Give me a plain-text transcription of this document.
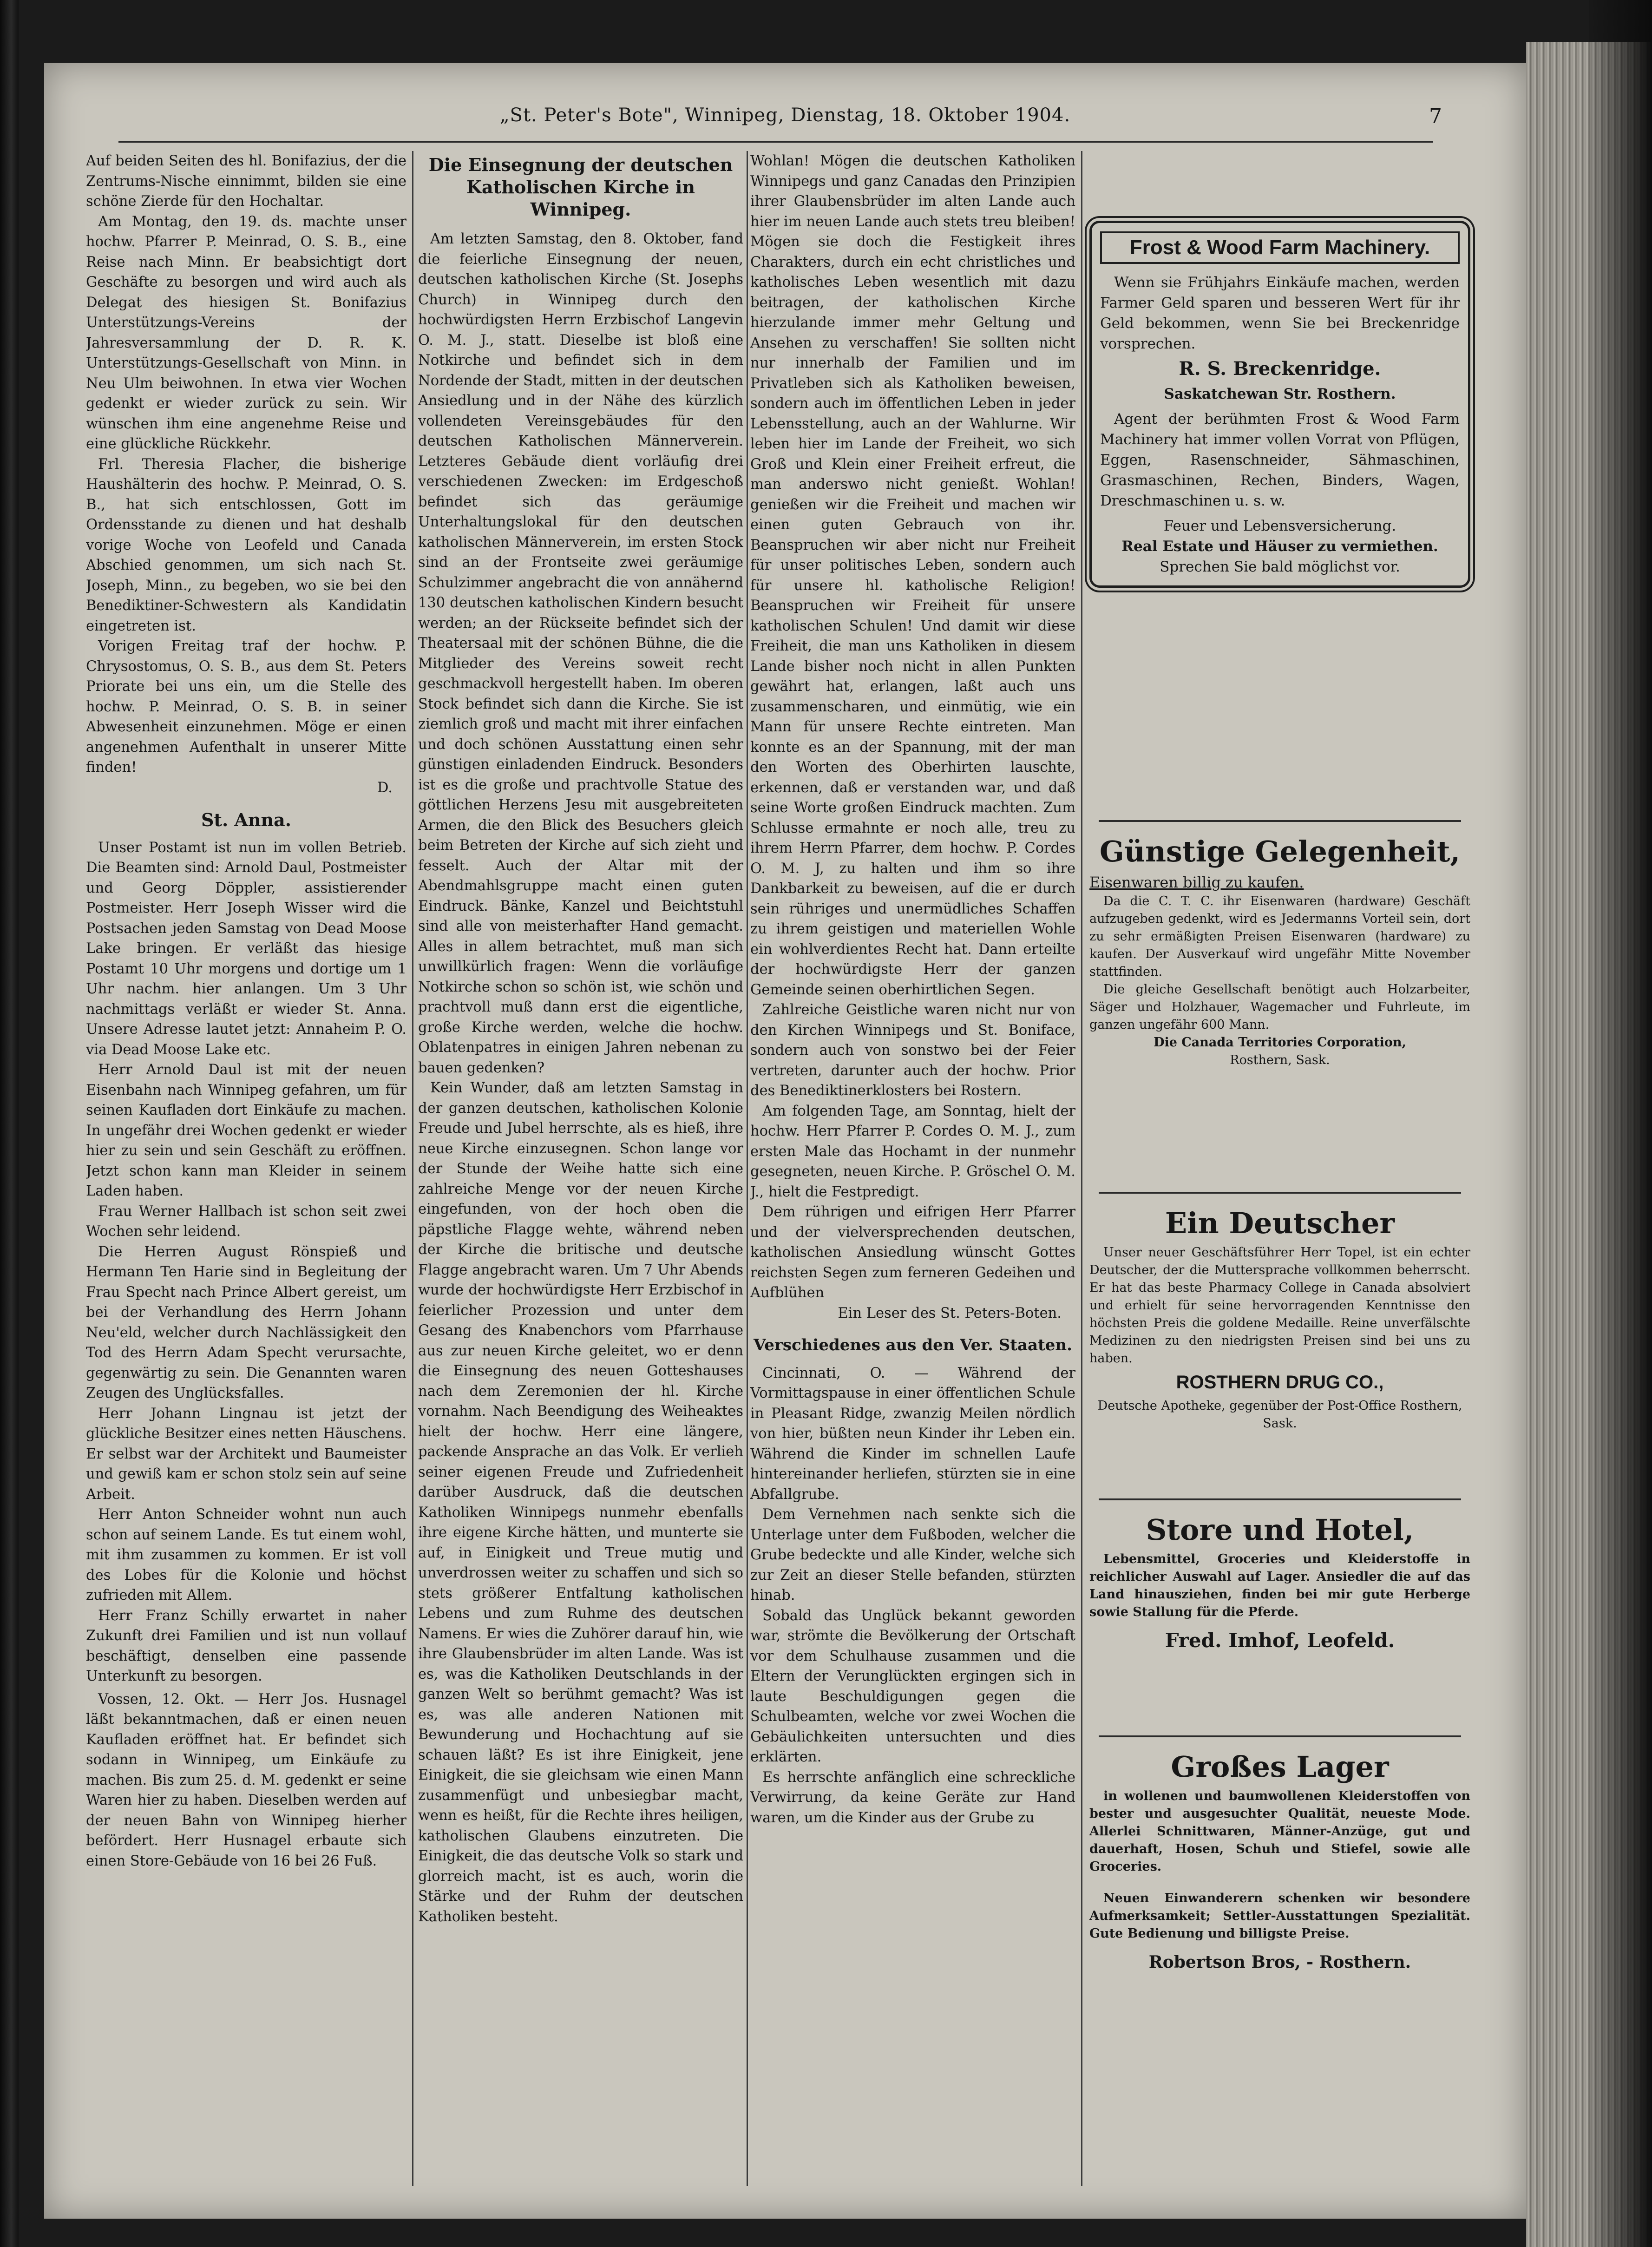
„St. Peter's Bote", Winnipeg, Dienstag, 18. Oktober 1904.	7

Auf beiden Seiten des hl. Bonifazius, der die Zentrums-Nische einnimmt, bilden sie eine schöne Zierde für den Hochaltar.

Am Montag, den 19. ds. machte unser hochw. Pfarrer P. Meinrad, O. S. B., eine Reise nach Minn. Er beabsichtigt dort Geschäfte zu besorgen und wird auch als Delegat des hiesigen St. Bonifazius Unterstützungs-Vereins der Jahresversammlung der D. R. K. Unterstützungs-Gesellschaft von Minn. in Neu Ulm beiwohnen. In etwa vier Wochen gedenkt er wieder zurück zu sein. Wir wünschen ihm eine angenehme Reise und eine glückliche Rückkehr.

Frl. Theresia Flacher, die bisherige Haushälterin des hochw. P. Meinrad, O. S. B., hat sich entschlossen, Gott im Ordensstande zu dienen und hat deshalb vorige Woche von Leofeld und Canada Abschied genommen, um sich nach St. Joseph, Minn., zu begeben, wo sie bei den Benediktiner-Schwestern als Kandidatin eingetreten ist.

Vorigen Freitag traf der hochw. P. Chrysostomus, O. S. B., aus dem St. Peters Priorate bei uns ein, um die Stelle des hochw. P. Meinrad, O. S. B. in seiner Abwesenheit einzunehmen. Möge er einen angenehmen Aufenthalt in unserer Mitte finden!

D.

St. Anna.

Unser Postamt ist nun im vollen Betrieb. Die Beamten sind: Arnold Daul, Postmeister und Georg Döppler, assistierender Postmeister. Herr Joseph Wisser wird die Postsachen jeden Samstag von Dead Moose Lake bringen. Er verläßt das hiesige Postamt 10 Uhr morgens und dortige um 1 Uhr nachm. hier anlangen. Um 3 Uhr nachmittags verläßt er wieder St. Anna. Unsere Adresse lautet jetzt: Annaheim P. O. via Dead Moose Lake etc.

Herr Arnold Daul ist mit der neuen Eisenbahn nach Winnipeg gefahren, um für seinen Kaufladen dort Einkäufe zu machen. In ungefähr drei Wochen gedenkt er wieder hier zu sein und sein Geschäft zu eröffnen. Jetzt schon kann man Kleider in seinem Laden haben.

Frau Werner Hallbach ist schon seit zwei Wochen sehr leidend.

Die Herren August Rönspieß und Hermann Ten Harie sind in Begleitung der Frau Specht nach Prince Albert gereist, um bei der Verhandlung des Herrn Johann Neu'eld, welcher durch Nachlässigkeit den Tod des Herrn Adam Specht verursachte, gegenwärtig zu sein. Die Genannten waren Zeugen des Unglücksfalles.

Herr Johann Lingnau ist jetzt der glückliche Besitzer eines netten Häuschens. Er selbst war der Architekt und Baumeister und gewiß kam er schon stolz sein auf seine Arbeit.

Herr Anton Schneider wohnt nun auch schon auf seinem Lande. Es tut einem wohl, mit ihm zusammen zu kommen. Er ist voll des Lobes für die Kolonie und höchst zufrieden mit Allem.

Herr Franz Schilly erwartet in naher Zukunft drei Familien und ist nun vollauf beschäftigt, denselben eine passende Unterkunft zu besorgen.

Vossen, 12. Okt. — Herr Jos. Husnagel läßt bekanntmachen, daß er einen neuen Kaufladen eröffnet hat. Er befindet sich sodann in Winnipeg, um Einkäufe zu machen. Bis zum 25. d. M. gedenkt er seine Waren hier zu haben. Dieselben werden auf der neuen Bahn von Winnipeg hierher befördert. Herr Husnagel erbaute sich einen Store-Gebäude von 16 bei 26 Fuß.

Die Einsegnung der deutschen Katholischen Kirche in Winnipeg.

Am letzten Samstag, den 8. Oktober, fand die feierliche Einsegnung der neuen, deutschen katholischen Kirche (St. Josephs Church) in Winnipeg durch den hochwürdigsten Herrn Erzbischof Langevin O. M. J., statt. Dieselbe ist bloß eine Notkirche und befindet sich in dem Nordende der Stadt, mitten in der deutschen Ansiedlung und in der Nähe des kürzlich vollendeten Vereinsgebäudes für den deutschen Katholischen Männerverein. Letzteres Gebäude dient vorläufig drei verschiedenen Zwecken: im Erdgeschoß befindet sich das geräumige Unterhaltungslokal für den deutschen katholischen Männerverein, im ersten Stock sind an der Frontseite zwei geräumige Schulzimmer angebracht die von annähernd 130 deutschen katholischen Kindern besucht werden; an der Rückseite befindet sich der Theatersaal mit der schönen Bühne, die die Mitglieder des Vereins soweit recht geschmackvoll hergestellt haben. Im oberen Stock befindet sich dann die Kirche. Sie ist ziemlich groß und macht mit ihrer einfachen und doch schönen Ausstattung einen sehr günstigen einladenden Eindruck. Besonders ist es die große und prachtvolle Statue des göttlichen Herzens Jesu mit ausgebreiteten Armen, die den Blick des Besuchers gleich beim Betreten der Kirche auf sich zieht und fesselt. Auch der Altar mit der Abendmahlsgruppe macht einen guten Eindruck. Bänke, Kanzel und Beichtstuhl sind alle von meisterhafter Hand gemacht. Alles in allem betrachtet, muß man sich unwillkürlich fragen: Wenn die vorläufige Notkirche schon so schön ist, wie schön und prachtvoll muß dann erst die eigentliche, große Kirche werden, welche die hochw. Oblatenpatres in einigen Jahren nebenan zu bauen gedenken?

Kein Wunder, daß am letzten Samstag in der ganzen deutschen, katholischen Kolonie Freude und Jubel herrschte, als es hieß, ihre neue Kirche einzusegnen. Schon lange vor der Stunde der Weihe hatte sich eine zahlreiche Menge vor der neuen Kirche eingefunden, von der hoch oben die päpstliche Flagge wehte, während neben der Kirche die britische und deutsche Flagge angebracht waren. Um 7 Uhr Abends wurde der hochwürdigste Herr Erzbischof in feierlicher Prozession und unter dem Gesang des Knabenchors vom Pfarrhause aus zur neuen Kirche geleitet, wo er denn die Einsegnung des neuen Gotteshauses nach dem Zeremonien der hl. Kirche vornahm. Nach Beendigung des Weiheaktes hielt der hochw. Herr eine längere, packende Ansprache an das Volk. Er verlieh seiner eigenen Freude und Zufriedenheit darüber Ausdruck, daß die deutschen Katholiken Winnipegs nunmehr ebenfalls ihre eigene Kirche hätten, und munterte sie auf, in Einigkeit und Treue mutig und unverdrossen weiter zu schaffen und sich so stets größerer Entfaltung katholischen Lebens und zum Ruhme des deutschen Namens. Er wies die Zuhörer darauf hin, wie ihre Glaubensbrüder im alten Lande. Was ist es, was die Katholiken Deutschlands in der ganzen Welt so berühmt gemacht? Was ist es, was alle anderen Nationen mit Bewunderung und Hochachtung auf sie schauen läßt? Es ist ihre Einigkeit, jene Einigkeit, die sie gleichsam wie einen Mann zusammenfügt und unbesiegbar macht, wenn es heißt, für die Rechte ihres heiligen, katholischen Glaubens einzutreten. Die Einigkeit, die das deutsche Volk so stark und glorreich macht, ist es auch, worin die Stärke und der Ruhm der deutschen Katholiken besteht.

Wohlan! Mögen die deutschen Katholiken Winnipegs und ganz Canadas den Prinzipien ihrer Glaubensbrüder im alten Lande auch hier im neuen Lande auch stets treu bleiben! Mögen sie doch die Festigkeit ihres Charakters, durch ein echt christliches und katholisches Leben wesentlich mit dazu beitragen, der katholischen Kirche hierzulande immer mehr Geltung und Ansehen zu verschaffen! Sie sollten nicht nur innerhalb der Familien und im Privatleben sich als Katholiken beweisen, sondern auch im öffentlichen Leben in jeder Lebensstellung, auch an der Wahlurne. Wir leben hier im Lande der Freiheit, wo sich Groß und Klein einer Freiheit erfreut, die man anderswo nicht genießt. Wohlan! genießen wir die Freiheit und machen wir einen guten Gebrauch von ihr. Beanspruchen wir aber nicht nur Freiheit für unser politisches Leben, sondern auch für unsere hl. katholische Religion! Beanspruchen wir Freiheit für unsere katholischen Schulen! Und damit wir diese Freiheit, die man uns Katholiken in diesem Lande bisher noch nicht in allen Punkten gewährt hat, erlangen, laßt auch uns zusammenscharen, und einmütig, wie ein Mann für unsere Rechte eintreten. Man konnte es an der Spannung, mit der man den Worten des Oberhirten lauschte, erkennen, daß er verstanden war, und daß seine Worte großen Eindruck machten. Zum Schlusse ermahnte er noch alle, treu zu ihrem Herrn Pfarrer, dem hochw. P. Cordes O. M. J, zu halten und ihm so ihre Dankbarkeit zu beweisen, auf die er durch sein rühriges und unermüdliches Schaffen zu ihrem geistigen und materiellen Wohle ein wohlverdientes Recht hat. Dann erteilte der hochwürdigste Herr der ganzen Gemeinde seinen oberhirtlichen Segen.

Zahlreiche Geistliche waren nicht nur von den Kirchen Winnipegs und St. Boniface, sondern auch von sonstwo bei der Feier vertreten, darunter auch der hochw. Prior des Benediktinerklosters bei Rostern.

Am folgenden Tage, am Sonntag, hielt der hochw. Herr Pfarrer P. Cordes O. M. J., zum ersten Male das Hochamt in der nunmehr gesegneten, neuen Kirche. P. Gröschel O. M. J., hielt die Festpredigt.

Dem rührigen und eifrigen Herr Pfarrer und der vielversprechenden deutschen, katholischen Ansiedlung wünscht Gottes reichsten Segen zum ferneren Gedeihen und Aufblühen

Ein Leser des St. Peters-Boten.

Verschiedenes aus den Ver. Staaten.

Cincinnati, O. — Während der Vormittagspause in einer öffentlichen Schule in Pleasant Ridge, zwanzig Meilen nördlich von hier, büßten neun Kinder ihr Leben ein. Während die Kinder im schnellen Laufe hintereinander herliefen, stürzten sie in eine Abfallgrube.

Dem Vernehmen nach senkte sich die Unterlage unter dem Fußboden, welcher die Grube bedeckte und alle Kinder, welche sich zur Zeit an dieser Stelle befanden, stürzten hinab.

Sobald das Unglück bekannt geworden war, strömte die Bevölkerung der Ortschaft vor dem Schulhause zusammen und die Eltern der Verunglückten ergingen sich in laute Beschuldigungen gegen die Schulbeamten, welche vor zwei Wochen die Gebäulichkeiten untersuchten und dies erklärten.

Es herrschte anfänglich eine schreckliche Verwirrung, da keine Geräte zur Hand waren, um die Kinder aus der Grube zu

Frost & Wood Farm Machinery.

Wenn sie Frühjahrs Einkäufe machen, werden Farmer Geld sparen und besseren Wert für ihr Geld bekommen, wenn Sie bei Breckenridge vorsprechen.

R. S. Breckenridge.

Saskatchewan Str. Rosthern.

Agent der berühmten Frost & Wood Farm Machinery hat immer vollen Vorrat von Pflügen, Eggen, Rasenschneider, Sähmaschinen, Grasmaschinen, Rechen, Binders, Wagen, Dreschmaschinen u. s. w.

Feuer und Lebensversicherung.

Real Estate und Häuser zu vermiethen.

Sprechen Sie bald möglichst vor.

Günstige Gelegenheit,

Eisenwaren billig zu kaufen.

Da die C. T. C. ihr Eisenwaren (hardware) Geschäft aufzugeben gedenkt, wird es Jedermanns Vorteil sein, dort zu sehr ermäßigten Preisen Eisenwaren (hardware) zu kaufen. Der Ausverkauf wird ungefähr Mitte November stattfinden.

Die gleiche Gesellschaft benötigt auch Holzarbeiter, Säger und Holzhauer, Wagemacher und Fuhrleute, im ganzen ungefähr 600 Mann.

Die Canada Territories Corporation,

Rosthern, Sask.

Ein Deutscher

Unser neuer Geschäftsführer Herr Topel, ist ein echter Deutscher, der die Muttersprache vollkommen beherrscht. Er hat das beste Pharmacy College in Canada absolviert und erhielt für seine hervorragenden Kenntnisse den höchsten Preis die goldene Medaille. Reine unverfälschte Medizinen zu den niedrigsten Preisen sind bei uns zu haben.

ROSTHERN DRUG CO.,

Deutsche Apotheke, gegenüber der Post-Office Rosthern, Sask.

Store und Hotel,

Lebensmittel, Groceries und Kleiderstoffe in reichlicher Auswahl auf Lager. Ansiedler die auf das Land hinausziehen, finden bei mir gute Herberge sowie Stallung für die Pferde.

Fred. Imhof, Leofeld.

Großes Lager

in wollenen und baumwollenen Kleiderstoffen von bester und ausgesuchter Qualität, neueste Mode. Allerlei Schnittwaren, Männer-Anzüge, gut und dauerhaft, Hosen, Schuh und Stiefel, sowie alle Groceries.

Neuen Einwanderern schenken wir besondere Aufmerksamkeit; Settler-Ausstattungen Spezialität. Gute Bedienung und billigste Preise.

Robertson Bros, - Rosthern.
